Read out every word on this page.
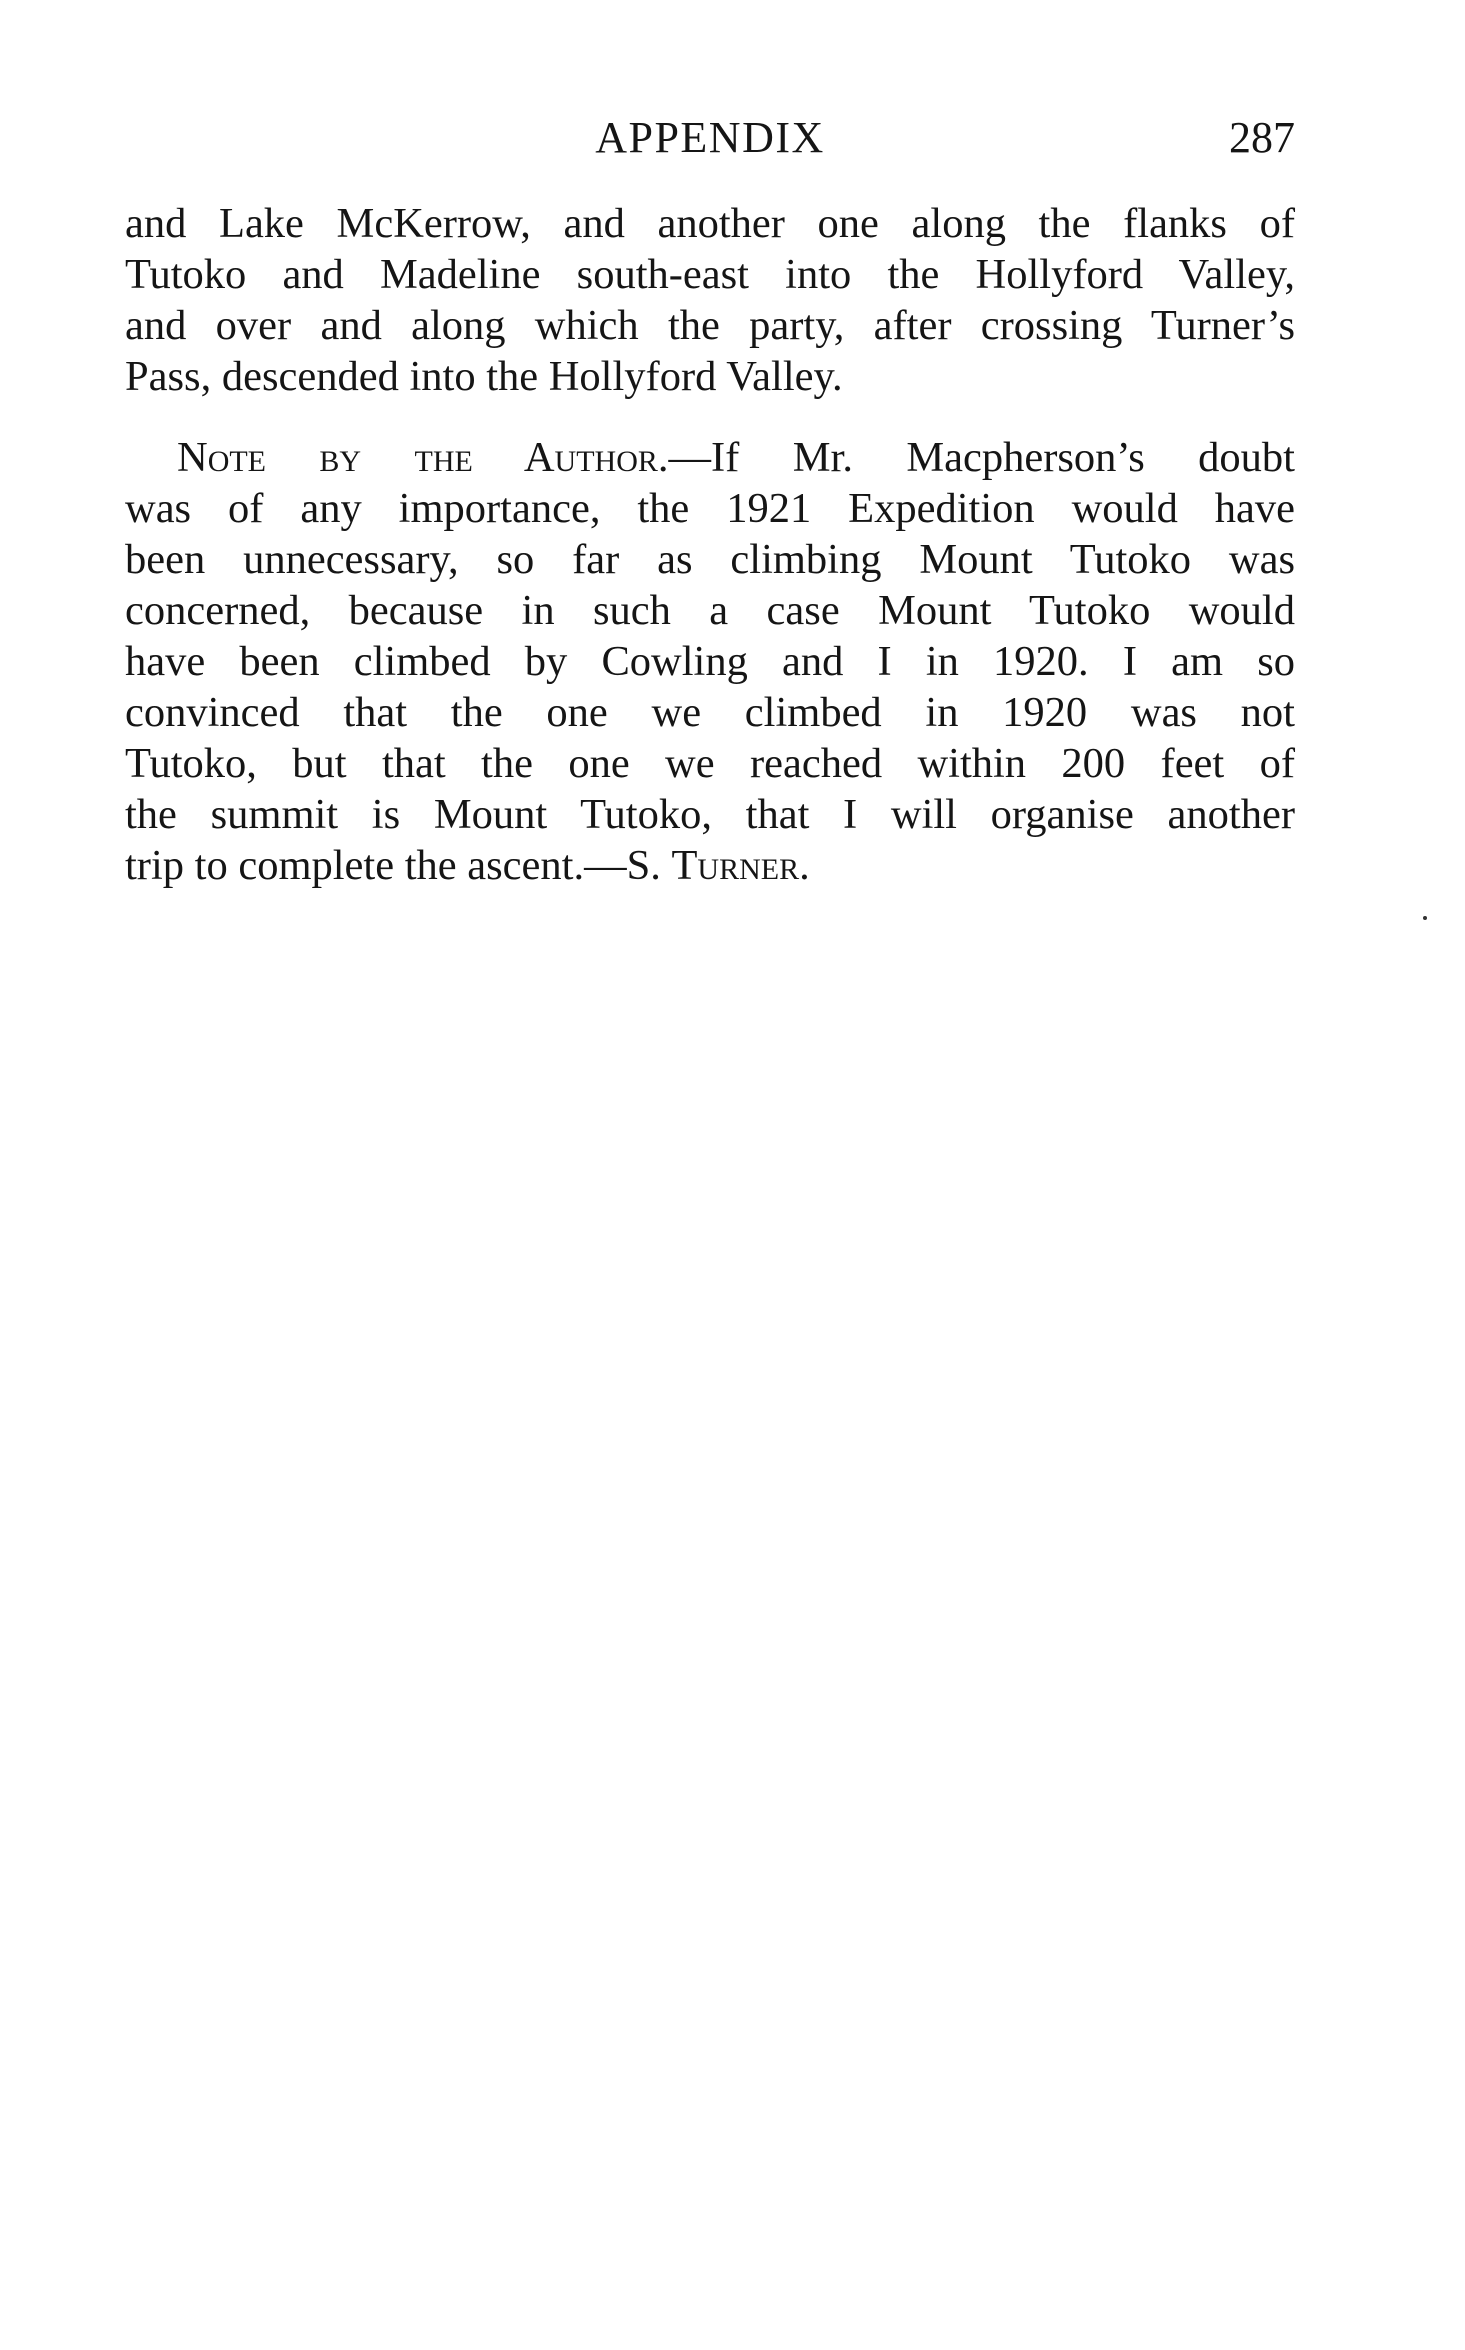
APPENDIX	287
and Lake McKerrow, and another one along the flanks of
Tutoko and Madeline south-east into the Hollyford Valley,
and over and along which the party, after crossing Turner’s
Pass, descended into the Hollyford Valley.
Note by the Author.—If Mr. Macpherson’s doubt
was of any importance, the 1921 Expedition would have
been unnecessary, so far as climbing Mount Tutoko was
concerned, because in such a case Mount Tutoko would
have been climbed by Cowling and I in 1920. I am so
convinced that the one we climbed in 1920 was not
Tutoko, but that the one we reached within 200 feet of
the summit is Mount Tutoko, that I will organise another
trip to complete the ascent.—S. Turner.
